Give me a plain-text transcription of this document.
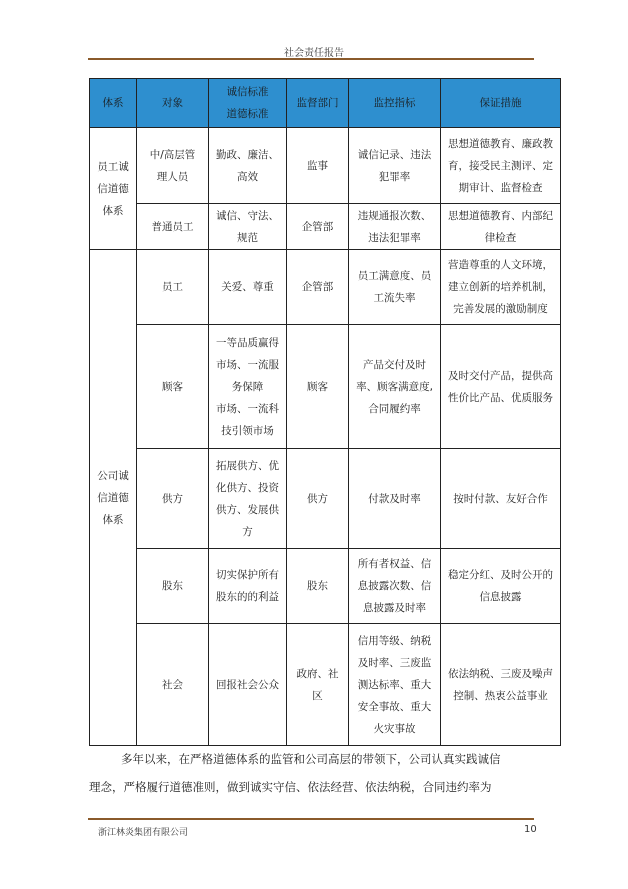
社会责任报告
体系	对象	诚信标准
道德标准	监督部门	监控指标	保证措施

员工诚
信道德
体系	中/高层管
理人员	勤政、廉洁、
高效	监事	诚信记录、违法
犯罪率	思想道德教育、廉政教
育，接受民主测评、定
期审计、监督检查

	普通员工	诚信、守法、
规范	企管部	违规通报次数、
违法犯罪率	思想道德教育、内部纪
律检查

公司诚
信道德
体系	员工	关爱、尊重	企管部	员工满意度、员
工流失率	营造尊重的人文环境，
建立创新的培养机制，
完善发展的激励制度

	顾客	一等品质赢得
市场、一流服
务保障
市场、一流科
技引领市场	顾客	产品交付及时
率、顾客满意度,
合同履约率	及时交付产品，提供高
性价比产品、优质服务

	供方	拓展供方、优
化供方、投资
供方、发展供
方	供方	付款及时率	按时付款、友好合作

	股东	切实保护所有
股东的的利益	股东	所有者权益、信
息披露次数、信
息披露及时率	稳定分红、及时公开的
信息披露

	社会	回报社会公众	政府、社
区	信用等级、纳税
及时率、三废监
测达标率、重大
安全事故、重大
火灾事故	依法纳税、三废及噪声
控制、热衷公益事业
多年以来，在严格道德体系的监管和公司高层的带领下，公司认真实践诚信
理念，严格履行道德准则，做到诚实守信、依法经营、依法纳税，合同违约率为
浙江林炎集团有限公司	10
